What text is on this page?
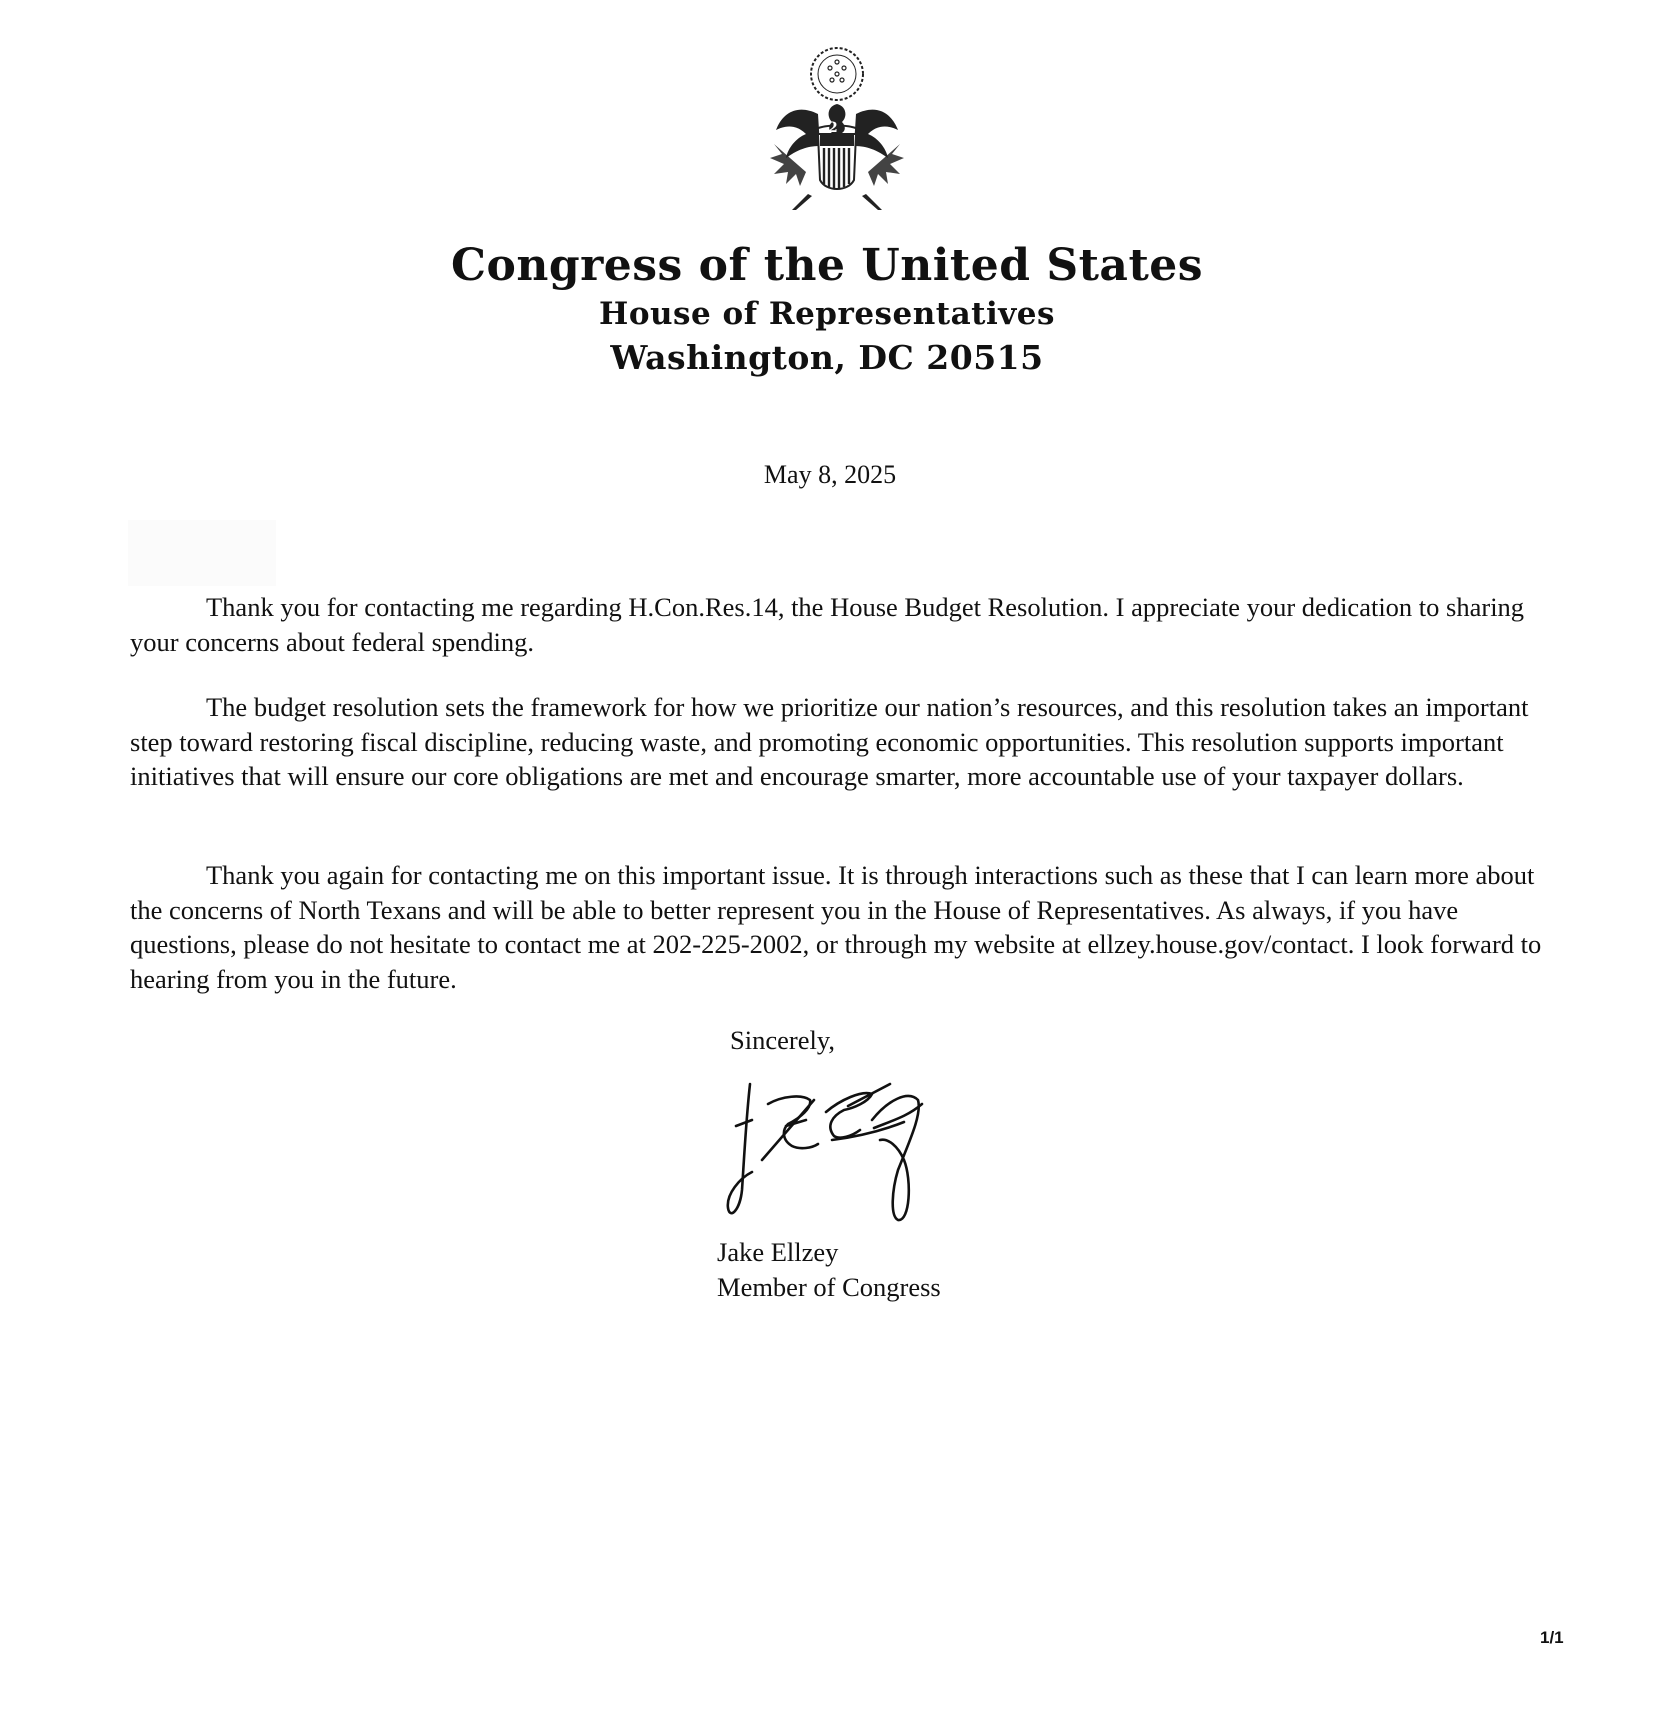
2
Congress of the United States
House of Representatives
Washington, DC 20515
May 8, 2025

Thank you for contacting me regarding H.Con.Res.14, the House Budget Resolution. I appreciate your dedication to sharing your concerns about federal spending.

The budget resolution sets the framework for how we prioritize our nation’s resources, and this resolution takes an important step toward restoring fiscal discipline, reducing waste, and promoting economic opportunities. This resolution supports important initiatives that will ensure our core obligations are met and encourage smarter, more accountable use of your taxpayer dollars.

Thank you again for contacting me on this important issue. It is through interactions such as these that I can learn more about the concerns of North Texans and will be able to better represent you in the House of Representatives. As always, if you have questions, please do not hesitate to contact me at 202-225-2002, or through my website at ellzey.house.gov/contact. I look forward to hearing from you in the future.

Sincerely,
Jake Ellzey
Member of Congress
1/1
